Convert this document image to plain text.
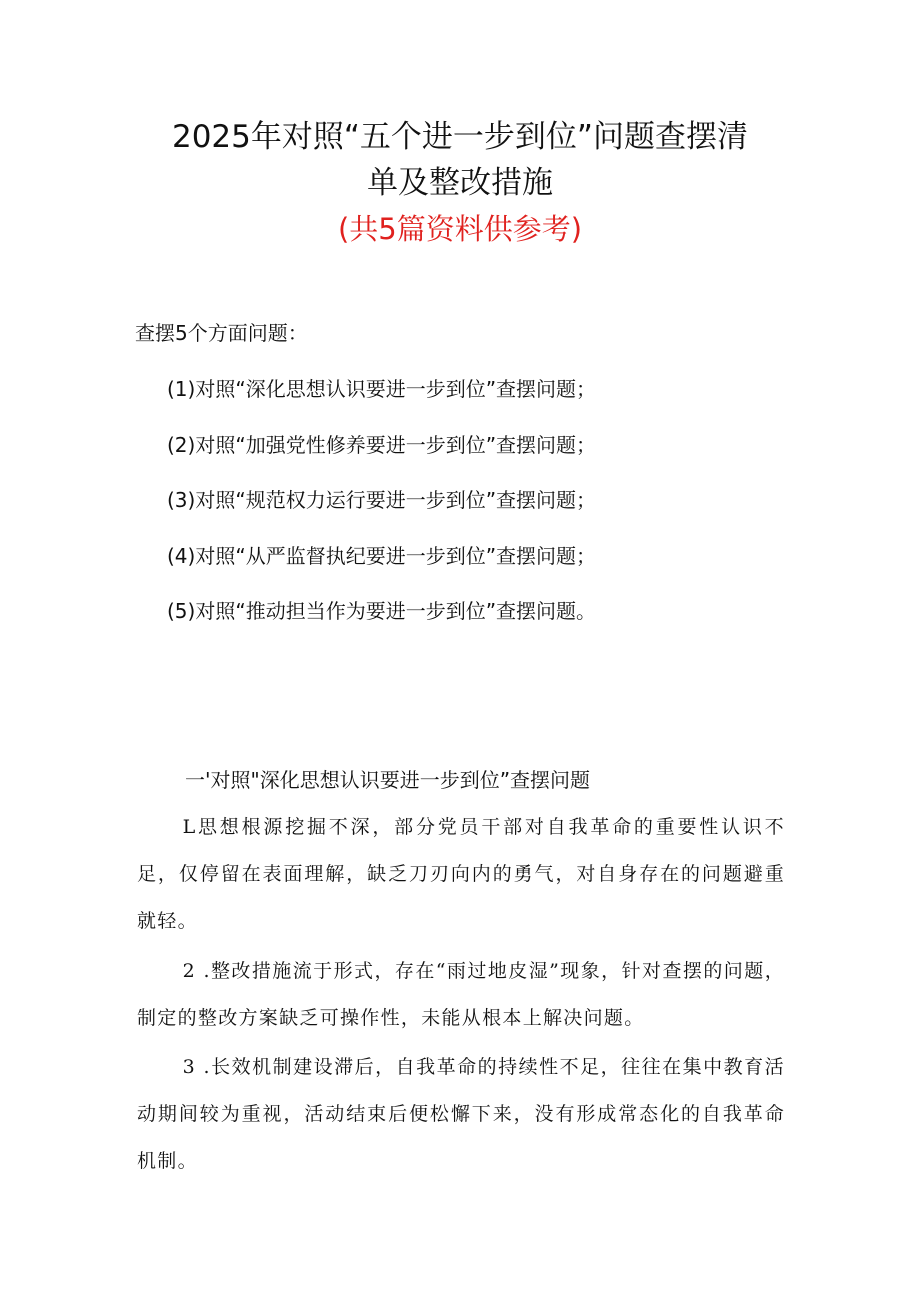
2025年对照“五个进一步到位”问题查摆清
单及整改措施
(共5篇资料供参考)
查摆5个方面问题：
(1)对照“深化思想认识要进一步到位”查摆问题；
(2)对照“加强党性修养要进一步到位”查摆问题；
(3)对照“规范权力运行要进一步到位”查摆问题；
(4)对照“从严监督执纪要进一步到位”查摆问题；
(5)对照“推动担当作为要进一步到位”查摆问题。
一'对照"深化思想认识要进一步到位”查摆问题

L思想根源挖掘不深，部分党员干部对自我革命的重要性认识不足，仅停留在表面理解，缺乏刀刃向内的勇气，对自身存在的问题避重就轻。

2 .整改措施流于形式，存在“雨过地皮湿”现象，针对查摆的问题，制定的整改方案缺乏可操作性，未能从根本上解决问题。

3 .长效机制建设滞后，自我革命的持续性不足，往往在集中教育活动期间较为重视，活动结束后便松懈下来，没有形成常态化的自我革命机制。
